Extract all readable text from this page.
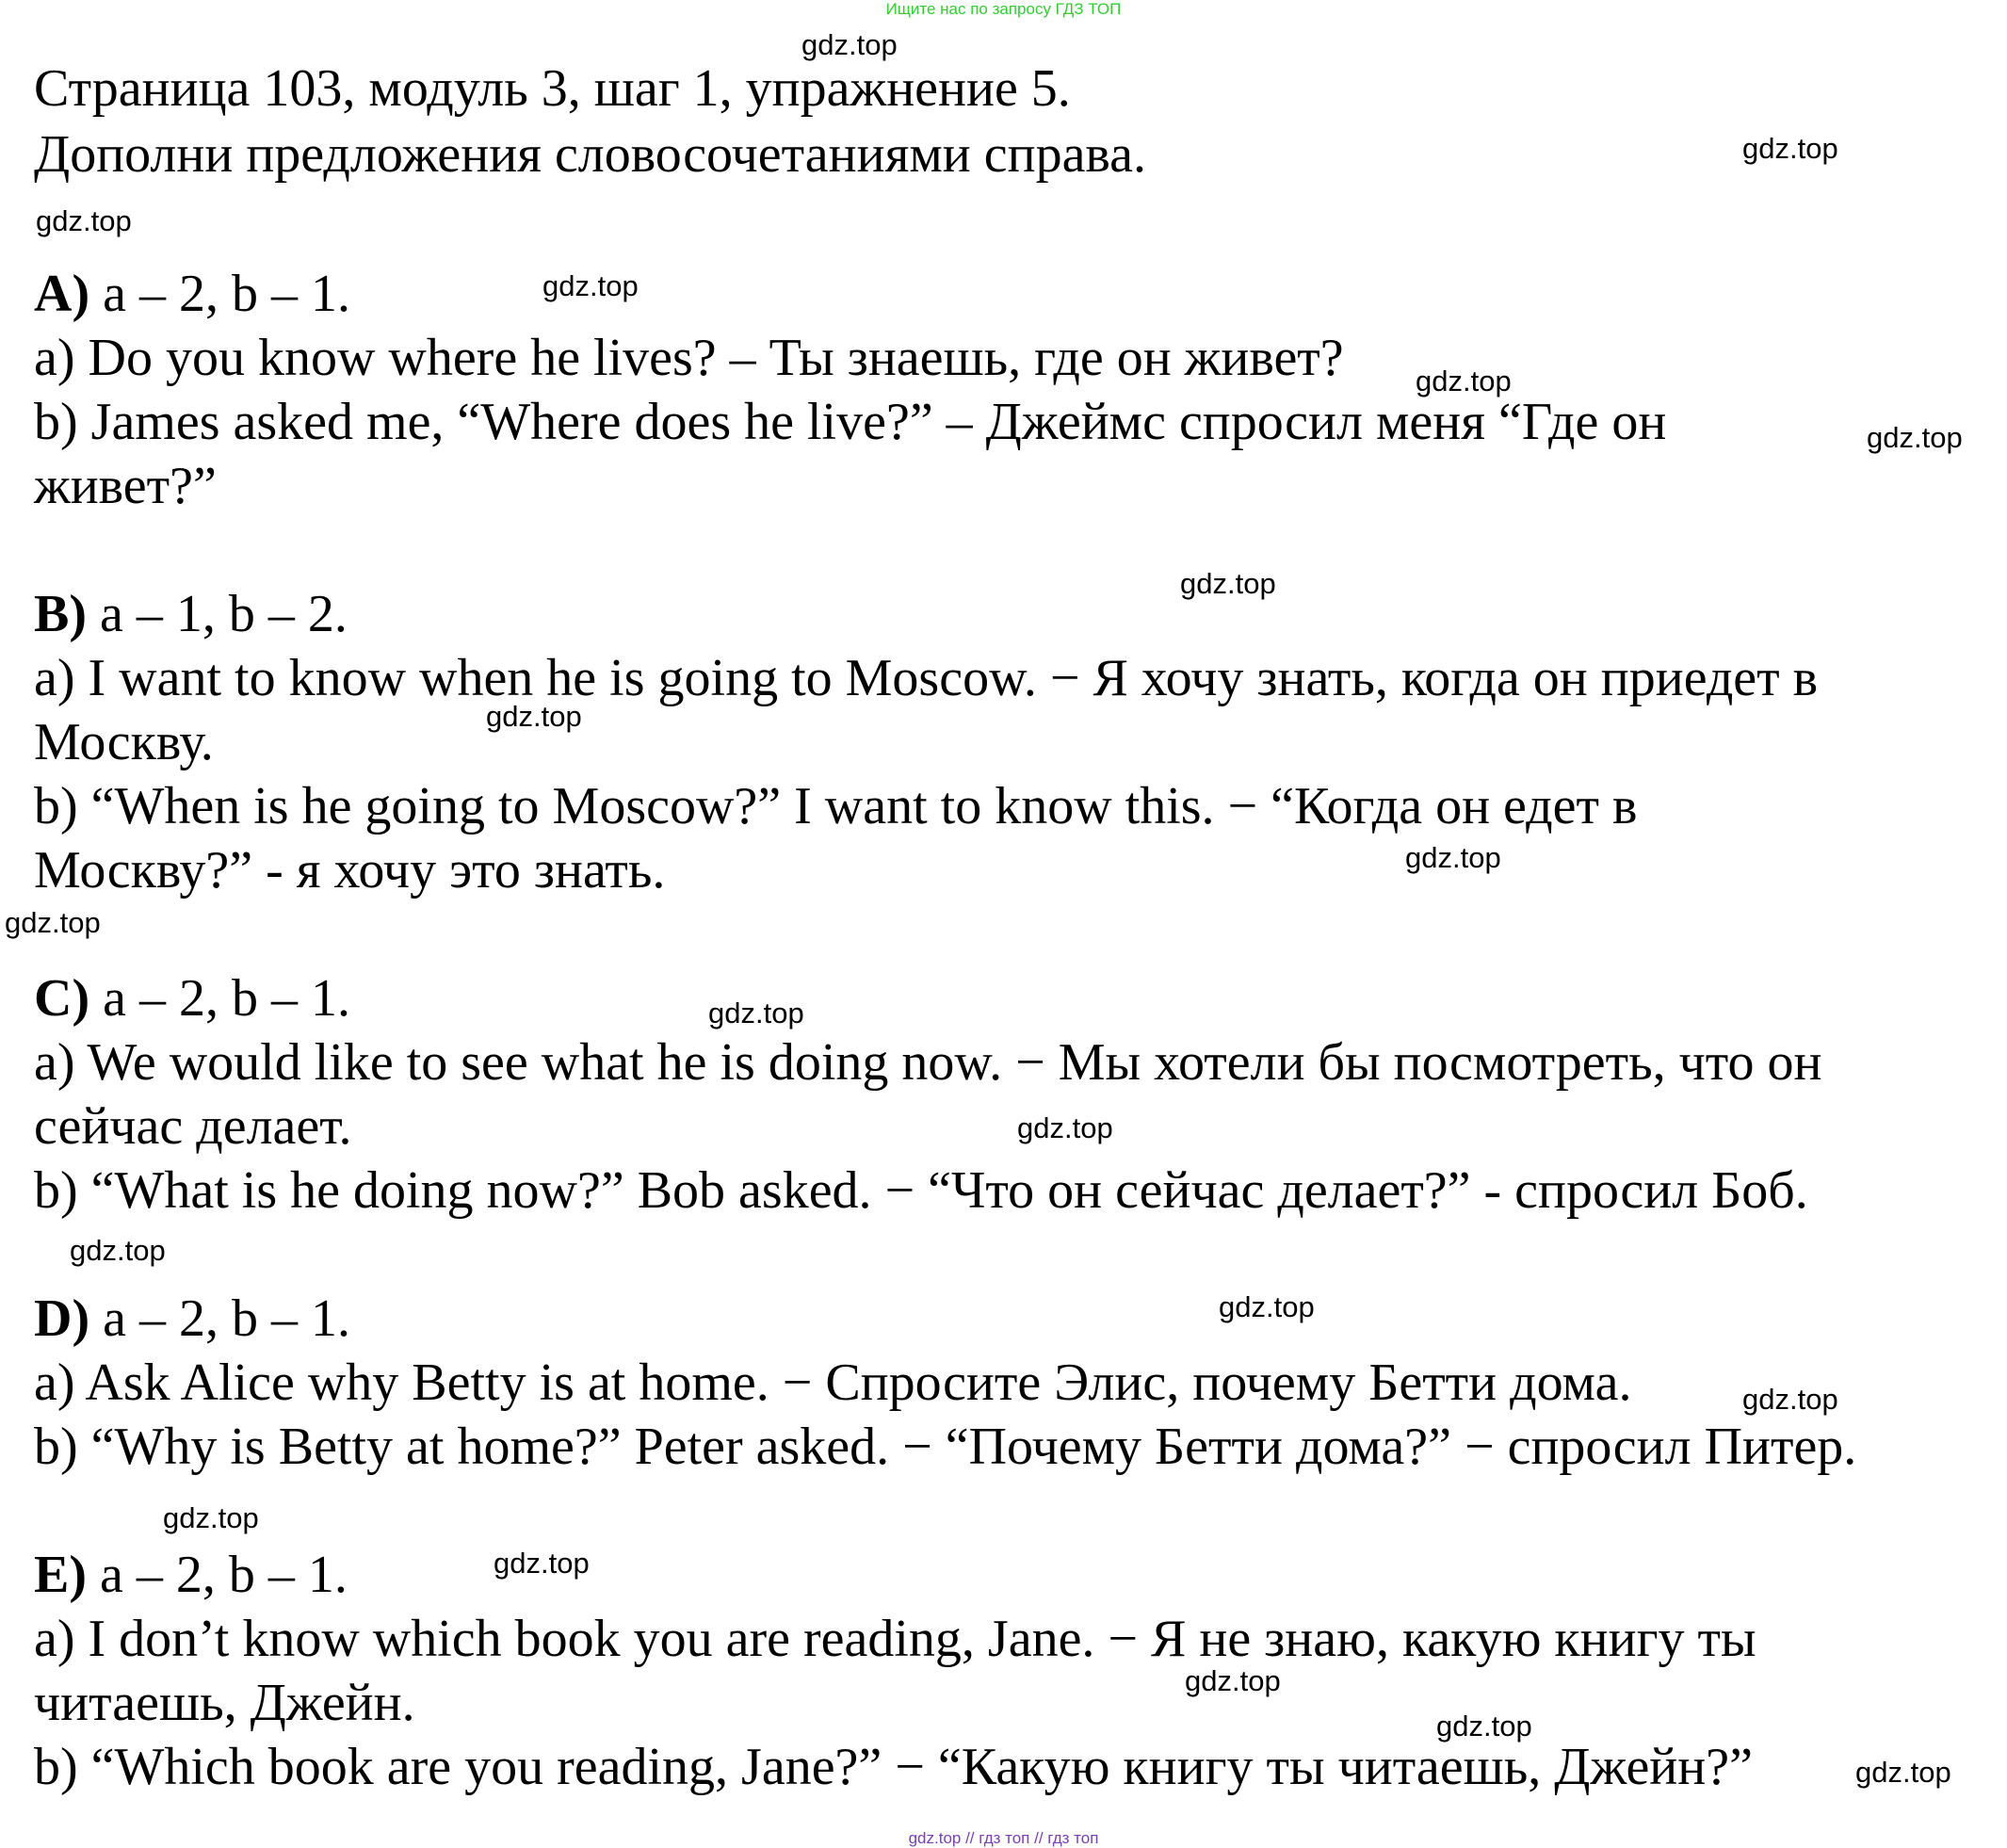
Ищите нас по запросу ГДЗ ТОП
Страница 103, модуль 3, шаг 1, упражнение 5.
Дополни предложения словосочетаниями справа.
A) a – 2, b – 1.
a) Do you know where he lives? – Ты знаешь, где он живет?
b) James asked me, “Where does he live?” – Джеймс спросил меня “Где он
живет?”
B) a – 1, b – 2.
a) I want to know when he is going to Moscow. − Я хочу знать, когда он приедет в
Москву.
b) “When is he going to Moscow?” I want to know this. − “Когда он едет в
Москву?” - я хочу это знать.
C) a – 2, b – 1.
a) We would like to see what he is doing now. − Мы хотели бы посмотреть, что он
сейчас делает.
b) “What is he doing now?” Bob asked. − “Что он сейчас делает?” - спросил Боб.
D) a – 2, b – 1.
a) Ask Alice why Betty is at home. − Спросите Элис, почему Бетти дома.
b) “Why is Betty at home?” Peter asked. − “Почему Бетти дома?” − спросил Питер.
E) a – 2, b – 1.
a) I don’t know which book you are reading, Jane. − Я не знаю, какую книгу ты
читаешь, Джейн.
b) “Which book are you reading, Jane?” − “Какую книгу ты читаешь, Джейн?”
gdz.top
gdz.top
gdz.top
gdz.top
gdz.top
gdz.top
gdz.top
gdz.top
gdz.top
gdz.top
gdz.top
gdz.top
gdz.top
gdz.top
gdz.top
gdz.top
gdz.top
gdz.top
gdz.top
gdz.top
gdz.top // гдз топ // гдз топ
